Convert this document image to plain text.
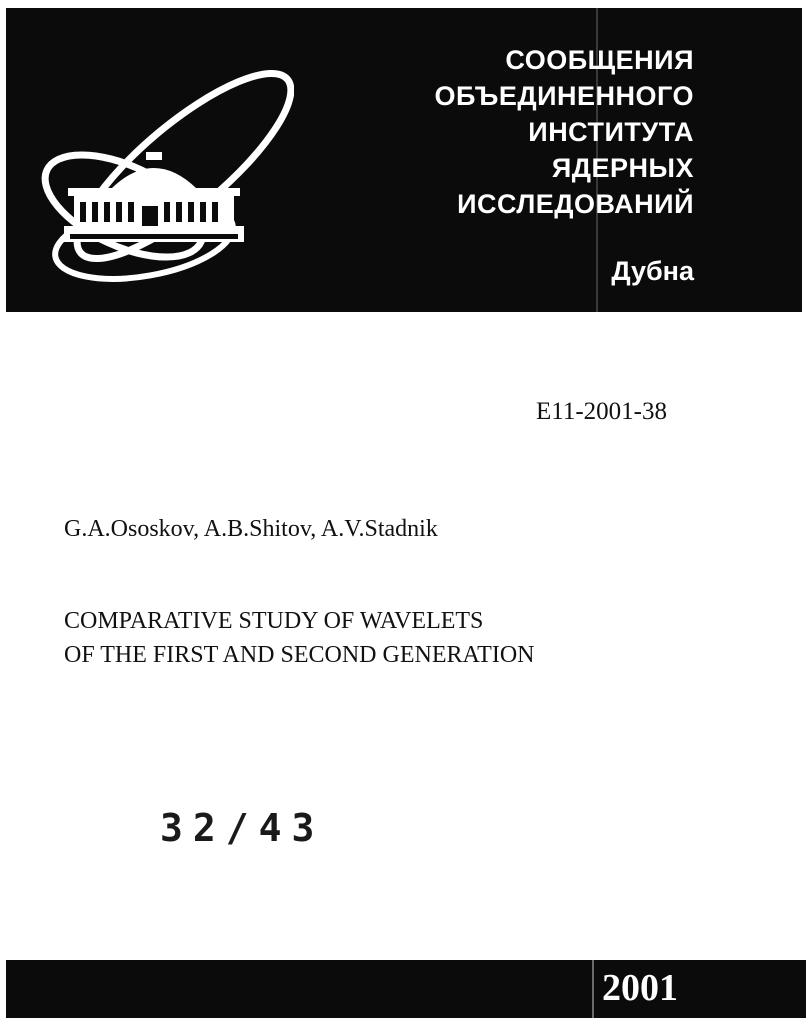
СООБЩЕНИЯ
ОБЪЕДИНЕННОГО
ИНСТИТУТА
ЯДЕРНЫХ
ИССЛЕДОВАНИЙ
Дубна
E11-2001-38
G.A.Ososkov, A.B.Shitov, A.V.Stadnik
COMPARATIVE STUDY OF WAVELETS
OF THE FIRST AND SECOND GENERATION
32/43
2001
